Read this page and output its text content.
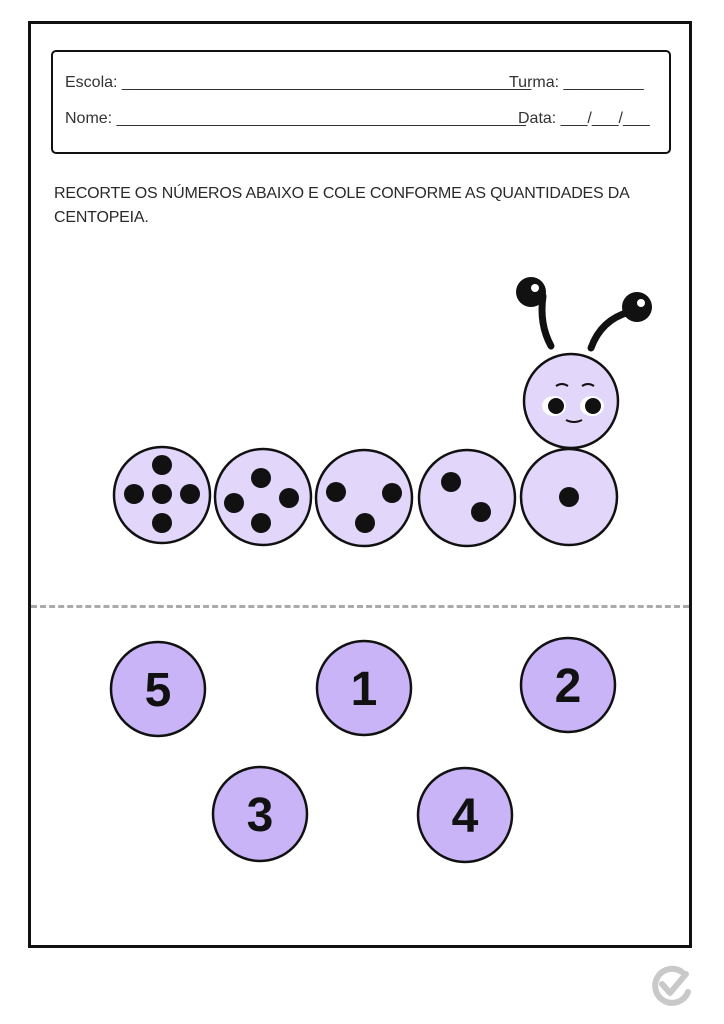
Escola: ______________________________________________
Turma: _________
Nome: ______________________________________________
Data: ___/___/___
RECORTE OS NÚMEROS ABAIXO E COLE CONFORME AS QUANTIDADES DA CENTOPEIA.
5	1	2
3	4
